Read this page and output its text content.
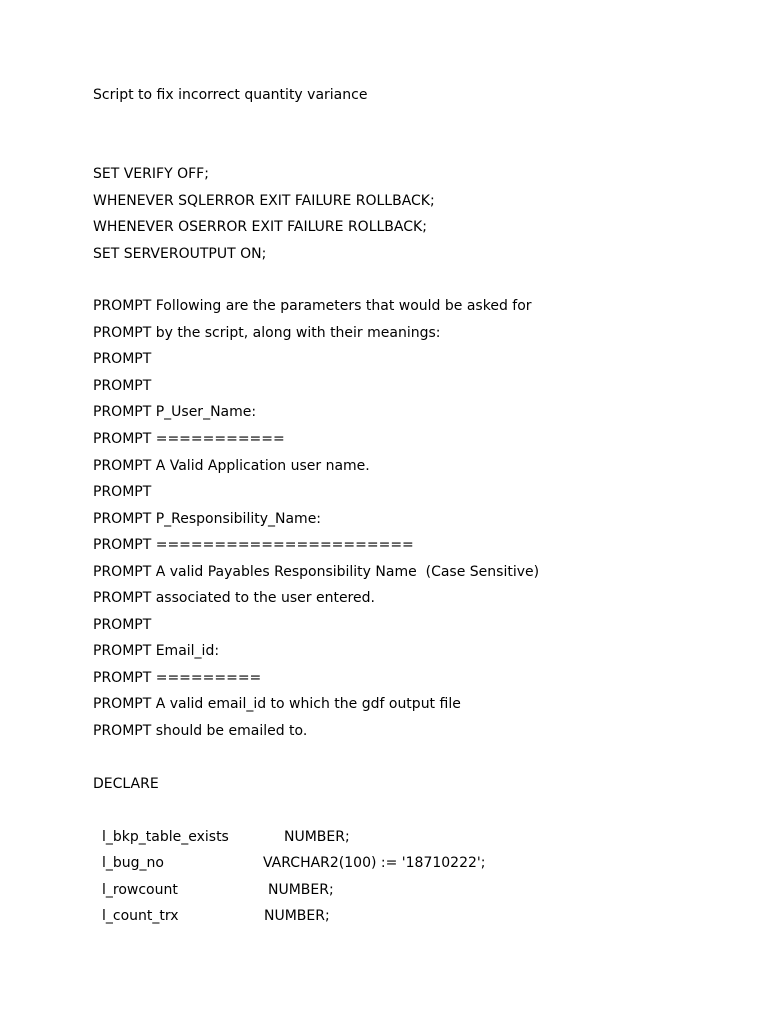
Script to fix incorrect quantity variance
SET VERIFY OFF;
WHENEVER SQLERROR EXIT FAILURE ROLLBACK;
WHENEVER OSERROR EXIT FAILURE ROLLBACK;
SET SERVEROUTPUT ON;
PROMPT Following are the parameters that would be asked for
PROMPT by the script, along with their meanings:
PROMPT
PROMPT
PROMPT P_User_Name:
PROMPT ===========
PROMPT A Valid Application user name.
PROMPT
PROMPT P_Responsibility_Name:
PROMPT ======================
PROMPT A valid Payables Responsibility Name  (Case Sensitive)
PROMPT associated to the user entered.
PROMPT
PROMPT Email_id:
PROMPT =========
PROMPT A valid email_id to which the gdf output file
PROMPT should be emailed to.
DECLARE
l_bkp_table_exists	NUMBER;
l_bug_no	VARCHAR2(100) := '18710222';
l_rowcount	NUMBER;
l_count_trx	NUMBER;
